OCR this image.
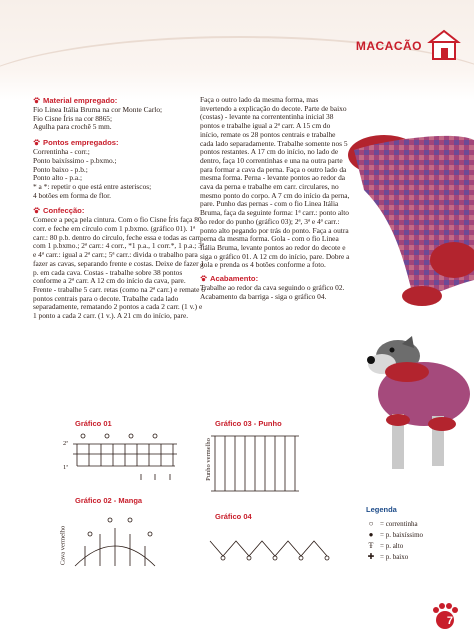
MACACÃO
Material empregado:

Fio Linea Itália Bruma na cor Monte Carlo;

Fio Cisne Íris na cor 8865;

Agulha para crochê 5 mm.

Pontos empregados:

Correntinha - corr.;

Ponto baixíssimo - p.bxmo.;

Ponto baixo - p.b.;

Ponto alto - p.a.;

* a *: repetir o que está entre asteriscos;

4 botões em forma de flor.

Confecção:

Comece a peça pela cintura. Com o fio Cisne Íris faça 80 corr. e feche em círculo com 1 p.bxmo. (gráfico 01). 1ª carr.: 80 p.b. dentro do círculo, feche essa e todas as carr. com 1 p.bxmo.; 2ª carr.: 4 corr., *1 p.a., 1 corr.*, 1 p.a.; 3ª e 4ª carr.: igual a 2ª carr.; 5ª carr.: divida o trabalho para fazer as cavas, separando frente e costas. Deixe de fazer 1 p. em cada cava. Costas - trabalhe sobre 38 pontos conforme a 2ª carr. A 12 cm do início da cava, pare. Frente - trabalhe 5 carr. retas (como na 2ª carr.) e remate 6 pontos centrais para o decote. Trabalhe cada lado separadamente, rematando 2 pontos a cada 2 carr. (1 v.) e 1 ponto a cada 2 carr. (1 v.). A 21 cm do início, pare.

Faça o outro lado da mesma forma, mas invertendo a explicação do decote. Parte de baixo (costas) - levante na corrententinha inicial 38 pontos e trabalhe igual a 2ª carr. A 15 cm do início, remate os 28 pontos centrais e trabalhe cada lado separadamente. Trabalhe somente nos 5 pontos restantes. A 17 cm do início, no lado de dentro, faça 10 correntinhas e una na outra parte para formar a cava da perna. Faça o outro lado da mesma forma. Perna - levante pontos ao redor da cava da perna e trabalhe em carr. circulares, no mesmo ponto do corpo. A 7 cm do início da perna, pare. Punho das pernas - com o fio Linea Itália Bruma, faça da seguinte forma: 1ª carr.: ponto alto ao redor do punho (gráfico 03); 2ª, 3ª e 4ª carr.: ponto alto pegando por trás do ponto. Faça a outra perna da mesma forma. Gola - com o fio Linea Itália Bruma, levante pontos ao redor do decote e siga o gráfico 01. A 12 cm do início, pare. Dobre a gola e prenda os 4 botões conforme a foto.

Acabamento:

Trabalhe ao redor da cava seguindo o gráfico 02. Acabamento da barriga - siga o gráfico 04.

Gráfico 01	Gráfico 03 - Punho
Gráfico 02 - Manga
Gráfico 04
2ª
1ª
Cava vermelho
Punho vermelho
Legenda
○ = correntinha
● = p. baixíssimo
Ŧ = p. alto
✚ = p. baixo
7
